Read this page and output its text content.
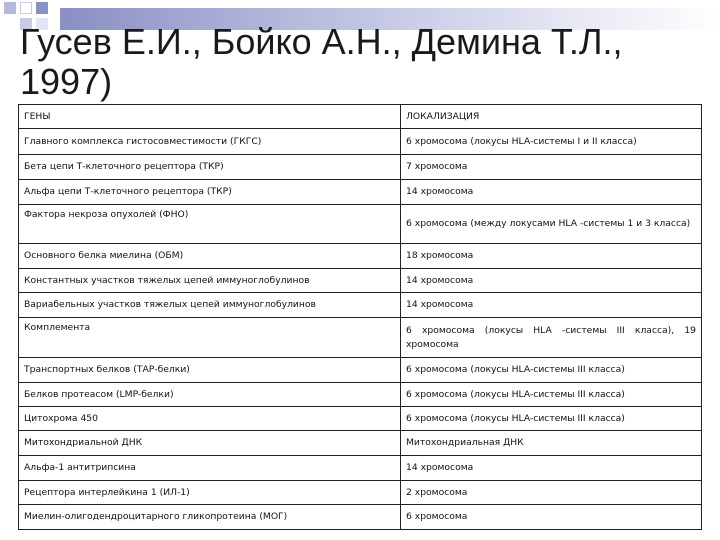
Гусев Е.И., Бойко А.Н., Демина Т.Л., 1997)
ГЕНЫ	ЛОКАЛИЗАЦИЯ
Главного комплекса гистосовместимости (ГКГС)	6 хромосома (локусы HLA-системы I и II класса)
Бета цепи Т-клеточного рецептора (ТКР)	7 хромосома
Альфа цепи Т-клеточного рецептора (ТКР)	14 хромосома
Фактора некроза опухолей (ФНО)	6 хромосома (между локусами HLA -системы 1 и 3 класса)

Основного белка миелина (ОБМ)	18 хромосома
Константных участков тяжелых цепей иммуноглобулинов	14 хромосома
Вариабельных участков тяжелых цепей иммуноглобулинов	14 хромосома
Комплемента	6 хромосома (локусы HLA -системы III класса), 19 хромосома
Транспортных белков (ТАР-белки)	6 хромосома (локусы HLA-системы III класса)
Белков протеасом (LMP-белки)	6 хромосома (локусы HLA-системы III класса)
Цитохрома 450	6 хромосома (локусы HLA-системы III класса)
Митохондриальной ДНК	Митохондриальная ДНК
Альфа-1 антитрипсина	14 хромосома
Рецептора интерлейкина 1 (ИЛ-1)	2 хромосома
Миелин-олигодендроцитарного гликопротеина (МОГ)	6 хромосома
